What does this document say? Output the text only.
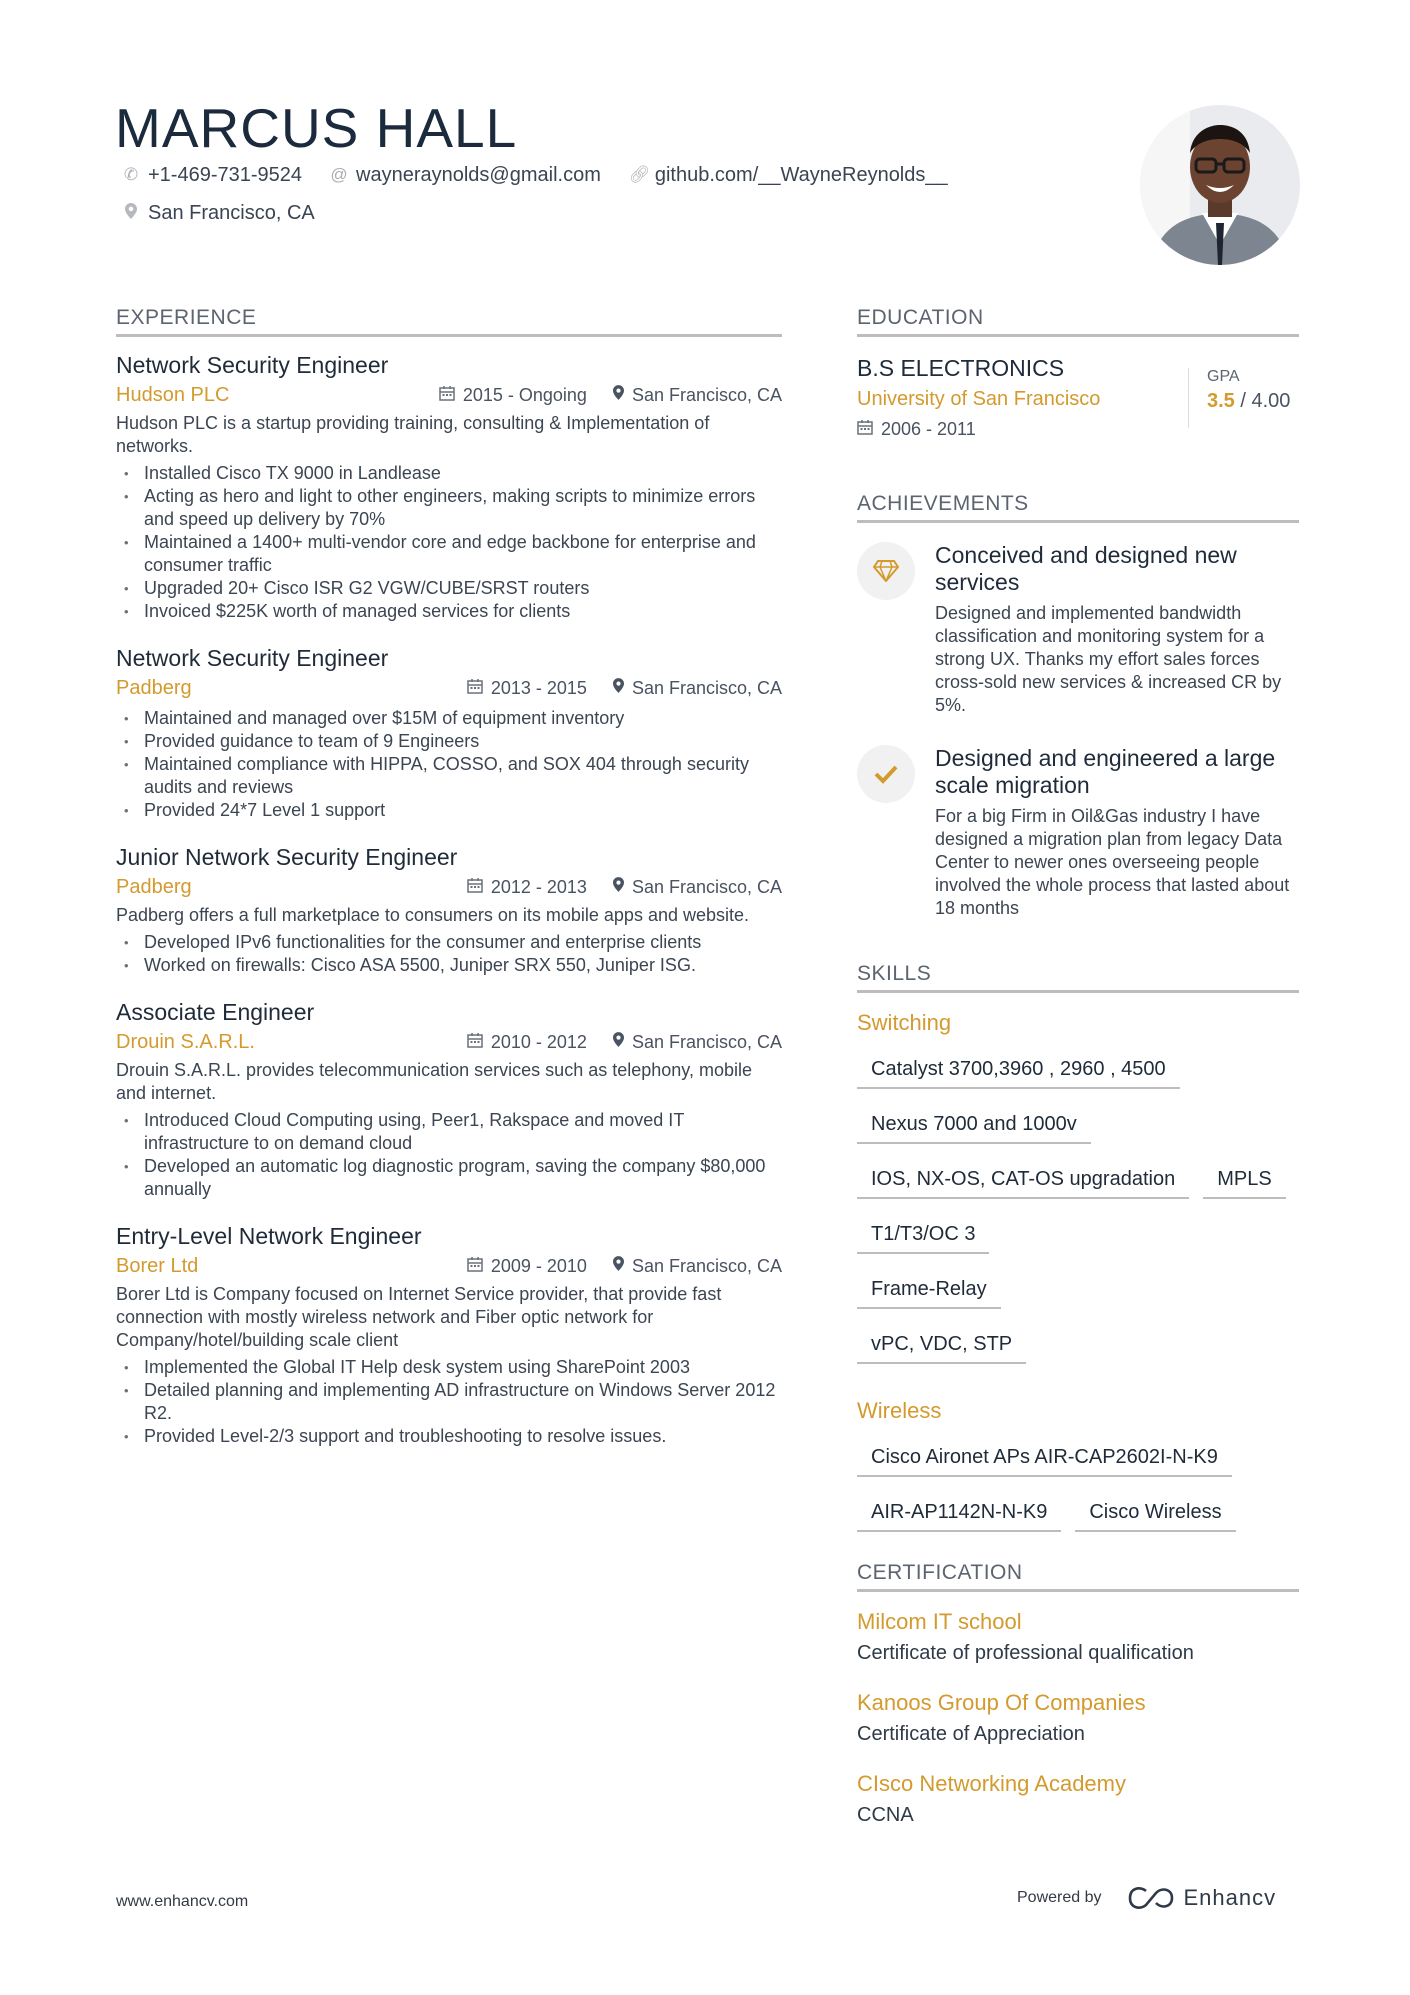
MARCUS HALL
✆ +1-469-731-9524 @ wayneraynolds@gmail.com 🔗︎ github.com/__WayneReynolds__
San Francisco, CA
EXPERIENCE
Network Security Engineer
Hudson PLC	2015 - Ongoing	San Francisco, CA
Hudson PLC is a startup providing training, consulting & Implementation of networks.
• Installed Cisco TX 9000 in Landlease
• Acting as hero and light to other engineers, making scripts to minimize errors and speed up delivery by 70%
• Maintained a 1400+ multi-vendor core and edge backbone for enterprise and consumer traffic
• Upgraded 20+ Cisco ISR G2 VGW/CUBE/SRST routers
• Invoiced $225K worth of managed services for clients
Network Security Engineer
Padberg	2013 - 2015	San Francisco, CA
• Maintained and managed over $15M of equipment inventory
• Provided guidance to team of 9 Engineers
• Maintained compliance with HIPPA, COSSO, and SOX 404 through security audits and reviews
• Provided 24*7 Level 1 support
Junior Network Security Engineer
Padberg	2012 - 2013	San Francisco, CA
Padberg offers a full marketplace to consumers on its mobile apps and website.
• Developed IPv6 functionalities for the consumer and enterprise clients
• Worked on firewalls: Cisco ASA 5500, Juniper SRX 550, Juniper ISG.
Associate Engineer
Drouin S.A.R.L.	2010 - 2012	San Francisco, CA
Drouin S.A.R.L. provides telecommunication services such as telephony, mobile and internet.
• Introduced Cloud Computing using, Peer1, Rakspace and moved IT infrastructure to on demand cloud
• Developed an automatic log diagnostic program, saving the company $80,000 annually
Entry-Level Network Engineer
Borer Ltd	2009 - 2010	San Francisco, CA
Borer Ltd is Company focused on Internet Service provider, that provide fast connection with mostly wireless network and Fiber optic network for Company/hotel/building scale client
• Implemented the Global IT Help desk system using SharePoint 2003
• Detailed planning and implementing AD infrastructure on Windows Server 2012 R2.
• Provided Level-2/3 support and troubleshooting to resolve issues.
EDUCATION
B.S ELECTRONICS
University of San Francisco
2006 - 2011
GPA
3.5 / 4.00
ACHIEVEMENTS
Conceived and designed new services
Designed and implemented bandwidth classification and monitoring system for a strong UX. Thanks my effort sales forces cross-sold new services & increased CR by 5%.
Designed and engineered a large scale migration
For a big Firm in Oil&Gas industry I have designed a migration plan from legacy Data Center to newer ones overseeing people involved the whole process that lasted about 18 months
SKILLS
Switching
Catalyst 3700,3960 , 2960 , 4500
Nexus 7000 and 1000v
IOS, NX-OS, CAT-OS upgradation	MPLS
T1/T3/OC 3
Frame-Relay
vPC, VDC, STP
Wireless
Cisco Aironet APs AIR-CAP2602I-N-K9
AIR-AP1142N-N-K9	Cisco Wireless
CERTIFICATION
Milcom IT school
Certificate of professional qualification
Kanoos Group Of Companies
Certificate of Appreciation
CIsco Networking Academy
CCNA
www.enhancv.com	Powered by	Enhancv
